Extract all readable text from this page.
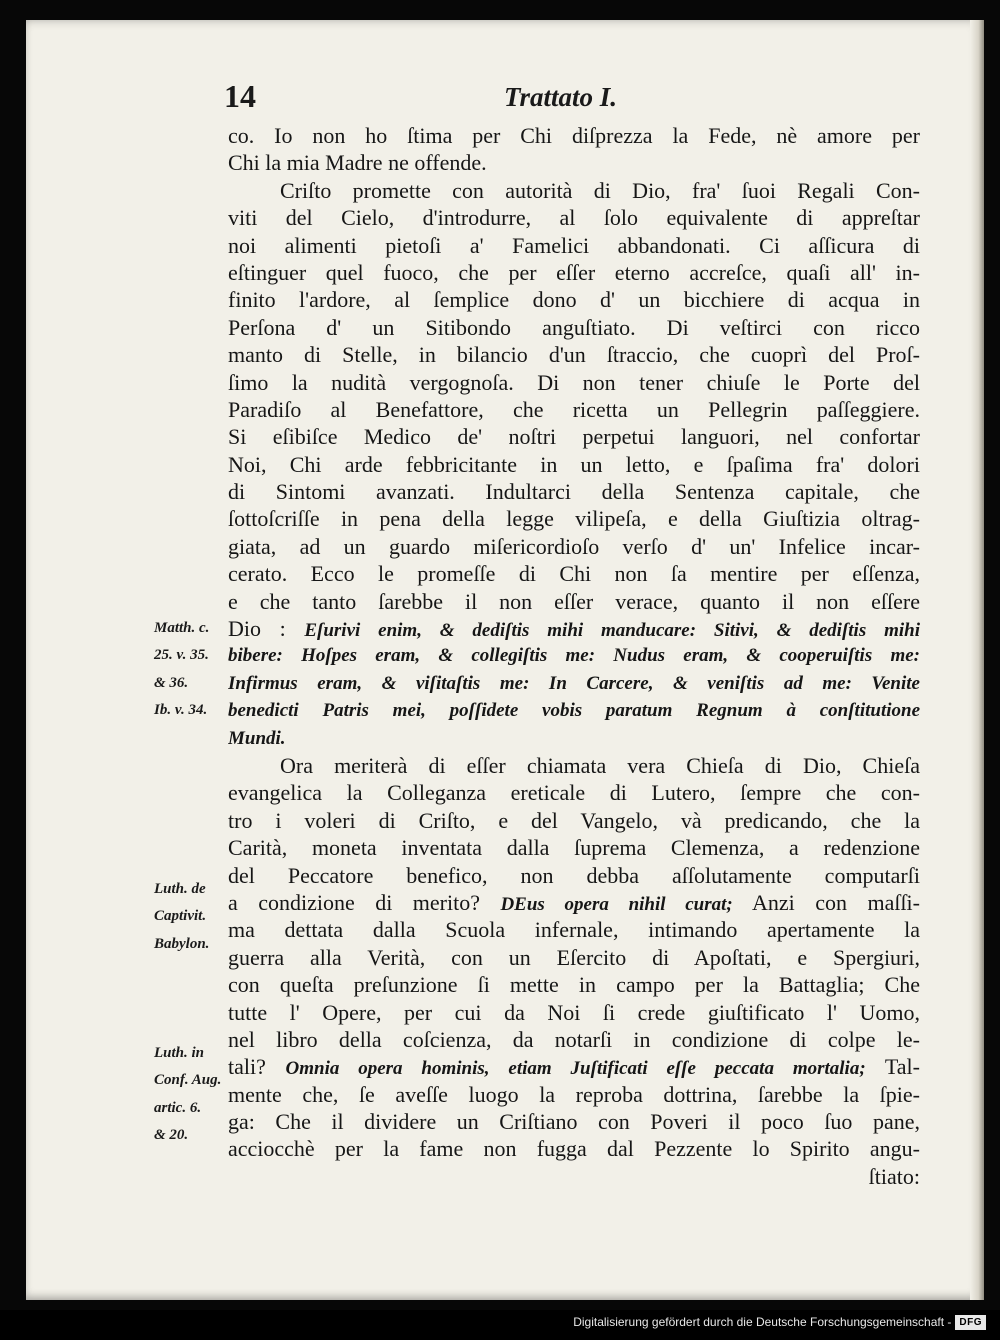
14	Trattato I.
co. Io non ho ſtima per Chi diſprezza la Fede, nè amore per
Chi la mia Madre ne offende.
Criſto promette con autorità di Dio, fra' ſuoi Regali Con-
viti del Cielo, d'introdurre, al ſolo equivalente di appreſtar
noi alimenti pietoſi a' Famelici abbandonati. Ci aſſicura di
eſtinguer quel fuoco, che per eſſer eterno accreſce, quaſi all' in-
finito l'ardore, al ſemplice dono d' un bicchiere di acqua in
Perſona d' un Sitibondo anguſtiato. Di veſtirci con ricco
manto di Stelle, in bilancio d'un ſtraccio, che cuoprì del Proſ-
ſimo la nudità vergognoſa. Di non tener chiuſe le Porte del
Paradiſo al Benefattore, che ricetta un Pellegrin paſſeggiere.
Si eſibiſce Medico de' noſtri perpetui languori, nel confortar
Noi, Chi arde febbricitante in un letto, e ſpaſima fra' dolori
di Sintomi avanzati. Indultarci della Sentenza capitale, che
ſottoſcriſſe in pena della legge vilipeſa, e della Giuſtizia oltrag-
giata, ad un guardo miſericordioſo verſo d' un' Infelice incar-
cerato. Ecco le promeſſe di Chi non ſa mentire per eſſenza,
e che tanto ſarebbe il non eſſer verace, quanto il non eſſere
Dio : Eſurivi enim, & dediſtis mihi manducare: Sitivi, & dediſtis mihi
bibere: Hoſpes eram, & collegiſtis me: Nudus eram, & cooperuiſtis me:
Infirmus eram, & viſitaſtis me: In Carcere, & veniſtis ad me: Venite
benedicti Patris mei, poſſidete vobis paratum Regnum à conſtitutione
Mundi.
Ora meriterà di eſſer chiamata vera Chieſa di Dio, Chieſa
evangelica la Colleganza ereticale di Lutero, ſempre che con-
tro i voleri di Criſto, e del Vangelo, và predicando, che la
Carità, moneta inventata dalla ſuprema Clemenza, a redenzione
del Peccatore benefico, non debba aſſolutamente computarſi
a condizione di merito? DEus opera nihil curat; Anzi con maſſi-
ma dettata dalla Scuola infernale, intimando apertamente la
guerra alla Verità, con un Eſercito di Apoſtati, e Spergiuri,
con queſta preſunzione ſi mette in campo per la Battaglia; Che
tutte l' Opere, per cui da Noi ſi crede giuſtificato l' Uomo,
nel libro della coſcienza, da notarſi in condizione di colpe le-
tali? Omnia opera hominis, etiam Juſtificati eſſe peccata mortalia; Tal-
mente che, ſe aveſſe luogo la reproba dottrina, ſarebbe la ſpie-
ga: Che il dividere un Criſtiano con Poveri il poco ſuo pane,
acciocchè per la fame non fugga dal Pezzente lo Spirito angu-
ſtiato:
Matth. c.
25. v. 35.
& 36.
Ib. v. 34.
Luth. de
Captivit.
Babylon.
Luth. in
Conf. Aug.
artic. 6.
& 20.
Digitalisierung gefördert durch die Deutsche Forschungsgemeinschaft - DFG
